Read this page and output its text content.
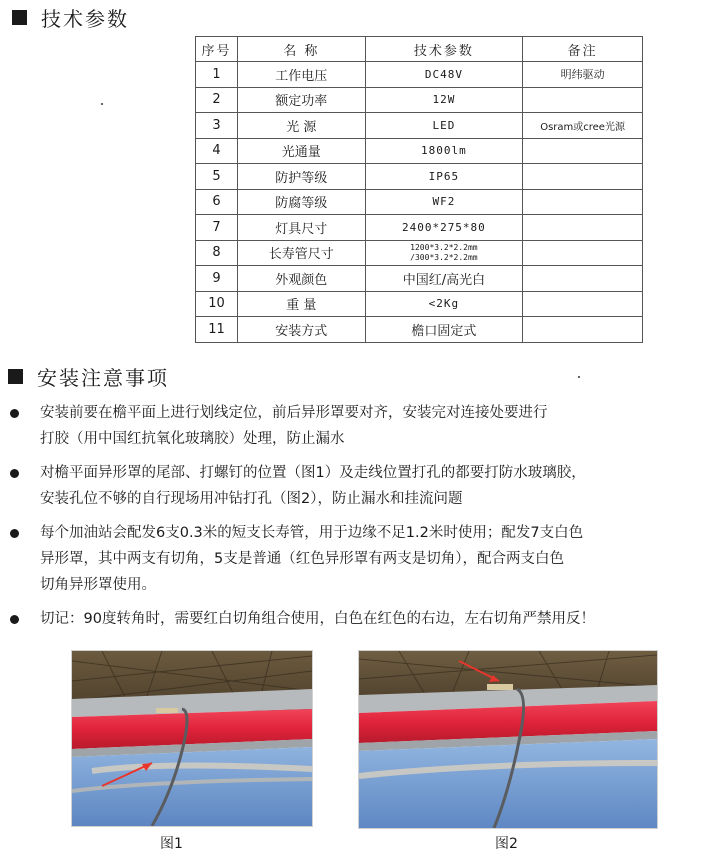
技术参数
序号	名 称	技术参数	备注
1	工作电压	DC48V	明纬驱动
2	额定功率	12W	
3	光 源	LED	Osram或cree光源
4	光通量	1800lm	
5	防护等级	IP65	
6	防腐等级	WF2	
7	灯具尺寸	2400*275*80	
8	长寿管尺寸	1200*3.2*2.2mm
/300*3.2*2.2mm	

9	外观颜色	中国红/高光白	
10	重 量	<2Kg	
11	安装方式	檐口固定式	
安装注意事项
安装前要在檐平面上进行划线定位，前后异形罩要对齐，安装完对连接处要进行
打胶（用中国红抗氧化玻璃胶）处理，防止漏水
对檐平面异形罩的尾部、打螺钉的位置（图1）及走线位置打孔的都要打防水玻璃胶，
安装孔位不够的自行现场用冲钻打孔（图2），防止漏水和挂流问题
每个加油站会配发6支0.3米的短支长寿管，用于边缘不足1.2米时使用；配发7支白色
异形罩，其中两支有切角，5支是普通（红色异形罩有两支是切角），配合两支白色
切角异形罩使用。
切记：90度转角时，需要红白切角组合使用，白色在红色的右边，左右切角严禁用反！
图1	图2
